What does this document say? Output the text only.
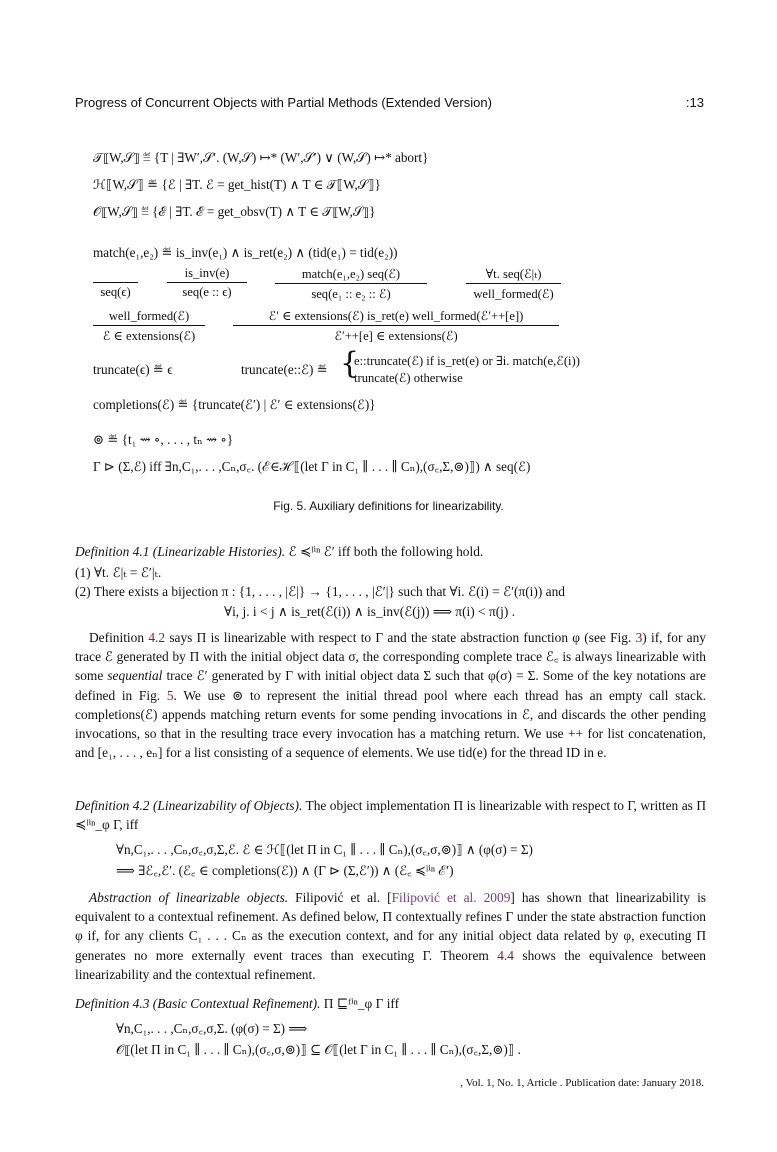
Progress of Concurrent Objects with Partial Methods (Extended Version)	:13
𝒯⟦W,𝒮⟧ ≝ {T | ∃W′,𝒮′. (W,𝒮) ↦* (W′,𝒮′) ∨ (W,𝒮) ↦* abort}
ℋ⟦W,𝒮⟧ ≝ {ℰ | ∃T. ℰ = get_hist(T) ∧ T ∈ 𝒯⟦W,𝒮⟧}
𝒪⟦W,𝒮⟧ ≝ {ℰ | ∃T. ℰ = get_obsv(T) ∧ T ∈ 𝒯⟦W,𝒮⟧}
match(e₁,e₂) ≝ is_inv(e₁) ∧ is_ret(e₂) ∧ (tid(e₁) = tid(e₂))
seq(ϵ)
is_inv(e)
seq(e :: ϵ)
match(e₁,e₂) seq(ℰ)
seq(e₁ :: e₂ :: ℰ)
∀t. seq(ℰ|ₜ)
well_formed(ℰ)
well_formed(ℰ)
ℰ ∈ extensions(ℰ)
ℰ′ ∈ extensions(ℰ) is_ret(e) well_formed(ℰ′++[e])
ℰ′++[e] ∈ extensions(ℰ)
truncate(ϵ) ≝ ϵ	truncate(e::ℰ) ≝ {
e::truncate(ℰ) if is_ret(e) or ∃i. match(e,ℰ(i))
truncate(ℰ) otherwise
completions(ℰ) ≝ {truncate(ℰ′) | ℰ′ ∈ extensions(ℰ)}
⊚ ≝ {t₁ ⇝ ∘, . . . , tₙ ⇝ ∘}
Γ ⊳ (Σ,ℰ) iff ∃n,C₁,. . . ,Cₙ,σ꜀. (ℰ∈ℋ⟦(let Γ in C₁ ∥ . . . ∥ Cₙ),(σ꜀,Σ,⊚)⟧) ∧ seq(ℰ)
Fig. 5. Auxiliary definitions for linearizability.
Definition 4.1 (Linearizable Histories). ℰ ≼ˡⁱⁿ ℰ′ iff both the following hold.
(1) ∀t. ℰ|ₜ = ℰ′|ₜ.
(2) There exists a bijection π : {1, . . . , |ℰ|} → {1, . . . , |ℰ′|} such that ∀i. ℰ(i) = ℰ′(π(i)) and
∀i, j. i < j ∧ is_ret(ℰ(i)) ∧ is_inv(ℰ(j)) ⟹ π(i) < π(j) .
Definition 4.2 says Π is linearizable with respect to Γ and the state abstraction function φ (see Fig. 3) if, for any trace ℰ generated by Π with the initial object data σ, the corresponding complete trace ℰ꜀ is always linearizable with some sequential trace ℰ′ generated by Γ with initial object data Σ such that φ(σ) = Σ. Some of the key notations are defined in Fig. 5. We use ⊚ to represent the initial thread pool where each thread has an empty call stack. completions(ℰ) appends matching return events for some pending invocations in ℰ, and discards the other pending invocations, so that in the resulting trace every invocation has a matching return. We use ++ for list concatenation, and [e₁, . . . , eₙ] for a list consisting of a sequence of elements. We use tid(e) for the thread ID in e.
Definition 4.2 (Linearizability of Objects). The object implementation Π is linearizable with respect to Γ, written as Π ≼ˡⁱⁿ_φ Γ, iff
∀n,C₁,. . . ,Cₙ,σ꜀,σ,Σ,ℰ. ℰ ∈ ℋ⟦(let Π in C₁ ∥ . . . ∥ Cₙ),(σ꜀,σ,⊚)⟧ ∧ (φ(σ) = Σ)
⟹ ∃ℰ꜀,ℰ′. (ℰ꜀ ∈ completions(ℰ)) ∧ (Γ ⊳ (Σ,ℰ′)) ∧ (ℰ꜀ ≼ˡⁱⁿ ℰ′)
Abstraction of linearizable objects. Filipović et al. [Filipović et al. 2009] has shown that linearizability is equivalent to a contextual refinement. As defined below, Π contextually refines Γ under the state abstraction function φ if, for any clients C₁ . . . Cₙ as the execution context, and for any initial object data related by φ, executing Π generates no more externally event traces than executing Γ. Theorem 4.4 shows the equivalence between linearizability and the contextual refinement.
Definition 4.3 (Basic Contextual Refinement). Π ⊑ᶠⁱⁿ_φ Γ iff
∀n,C₁,. . . ,Cₙ,σ꜀,σ,Σ. (φ(σ) = Σ) ⟹
𝒪⟦(let Π in C₁ ∥ . . . ∥ Cₙ),(σ꜀,σ,⊚)⟧ ⊆ 𝒪⟦(let Γ in C₁ ∥ . . . ∥ Cₙ),(σ꜀,Σ,⊚)⟧ .
, Vol. 1, No. 1, Article . Publication date: January 2018.
